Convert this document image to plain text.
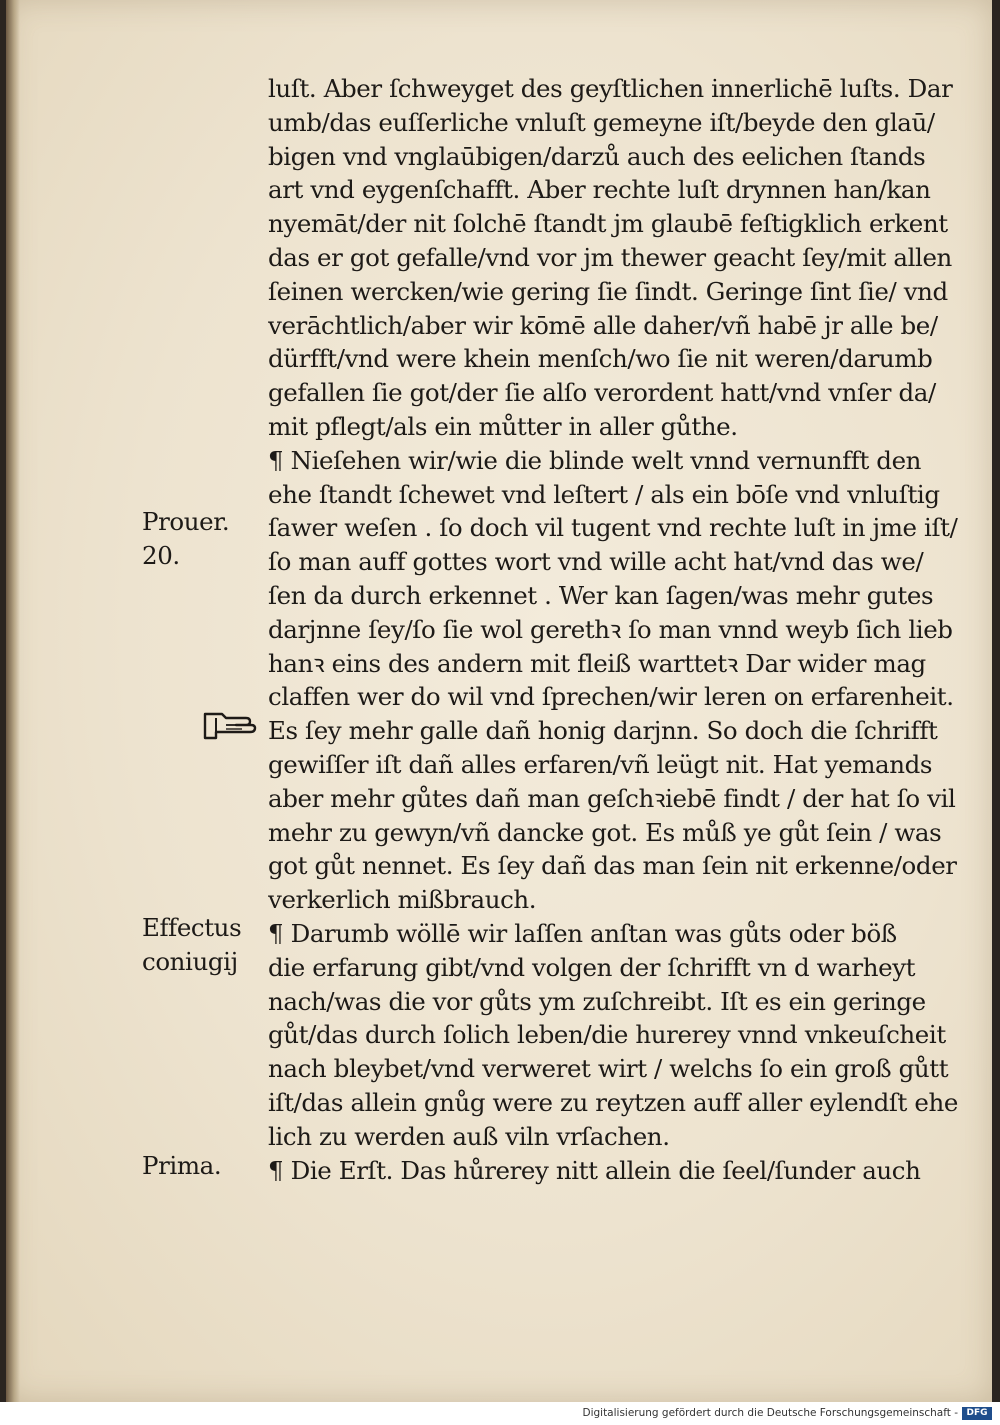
luſt. Aber ſchweyget des geyſtlichen innerlichē luſts. Dar
umb/das euſſerliche vnluſt gemeyne iſt/beyde den glaū/
bigen vnd vnglaūbigen/darzů auch des eelichen ſtands
art vnd eygenſchafft. Aber rechte luſt drynnen han/kan
nyemāt/der nit ſolchē ſtandt jm glaubē feſtigklich erkent
das er got gefalle/vnd vor jm thewer geacht ſey/mit allen
ſeinen wercken/wie gering ſie ſindt. Geringe ſint ſie/ vnd
verāchtlich/aber wir kōmē alle daher/vñ habē jr alle be/
dürfft/vnd were khein menſch/wo ſie nit weren/darumb
gefallen ſie got/der ſie alſo verordent hatt/vnd vnſer da/
mit pflegt/als ein můtter in aller gůthe.
¶ Nieſehen wir/wie die blinde welt vnnd vernunfft den
ehe ſtandt ſchewet vnd leſtert / als ein bōſe vnd vnluſtig
ſawer weſen . ſo doch vil tugent vnd rechte luſt in jme iſt/
ſo man auff gottes wort vnd wille acht hat/vnd das we/
ſen da durch erkennet . Wer kan ſagen/was mehr gutes
darjnne ſey/ſo ſie wol gerethꝛ ſo man vnnd weyb ſich lieb
hanꝛ eins des andern mit fleiß warttetꝛ Dar wider mag
claffen wer do wil vnd ſprechen/wir leren on erfarenheit.
Es ſey mehr galle dañ honig darjnn. So doch die ſchrifft
gewiſſer iſt dañ alles erfaren/vñ leügt nit. Hat yemands
aber mehr gůtes dañ man geſchꝛiebē findt / der hat ſo vil
mehr zu gewyn/vñ dancke got. Es můß ye gůt ſein / was
got gůt nennet. Es ſey dañ das man ſein nit erkenne/oder
verkerlich mißbrauch.
¶ Darumb wöllē wir laſſen anſtan was gůts oder böß
die erfarung gibt/vnd volgen der ſchrifft vn d warheyt
nach/was die vor gůts ym zuſchreibt. Iſt es ein geringe
gůt/das durch ſolich leben/die hurerey vnnd vnkeuſcheit
nach bleybet/vnd verweret wirt / welchs ſo ein groß gůtt
iſt/das allein gnůg were zu reytzen auff aller eylendſt ehe
lich zu werden auß viln vrſachen.
¶ Die Erſt. Das hůrerey nitt allein die ſeel/ſunder auch
Prouer.
20.
Effectus
coniugij
Prima.
Digitalisierung gefördert durch die Deutsche Forschungsgemeinschaft - DFG
